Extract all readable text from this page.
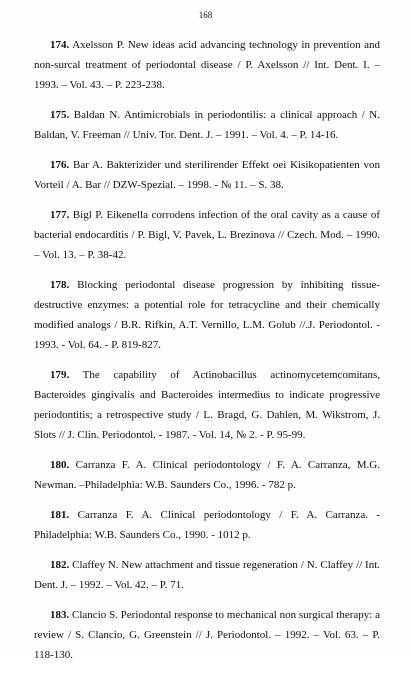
168

174. Axelsson P. New ideas acid advancing technology in prevention and non-surcal treatment of periodontal disease / P. Axelsson // Int. Dent. I. – 1993. – Vol. 43. – P. 223-238.

175. Baldan N. Antimicrobials in periodontilis: a clinical approach / N. Baldan, V. Freeman // Univ. Tor. Dent. J. – 1991. – Vol. 4. – P. 14-16.

176. Bar A. Bakterizider und sterilirender Effekt oei Kisikopatienten von Vorteil / A. Bar // DZW-Spezial. – 1998. - № 11. – S. 38.

177. Bigl P. Eikenella corrodens infection of the oral cavity as a cause of bacterial endocarditis / P. Bigl, V. Pavek, L. Brezinova // Czech. Mod. – 1990. – Vol. 13. – P. 38-42.

178. Blocking periodontal disease progression by inhibiting tissue-destructive enzymes: a potential role for tetracycline and their chemically modified analogs / B.R. Rifkin, A.T. Vernillo, L.M. Golub //.J. Periodontol. - 1993. - Vol. 64. - P. 819-827.

179. The capability of Actinobacillus actinomycetemcomitans, Bacteroides gingivalis and Bacteroides intermedius to indicate progressive periodontitis; a retrospective study / L. Bragd, G. Dahlen, M. Wikstrom, J. Slots // J. Clin. Periodontol. - 1987. - Vol. 14, № 2. - P. 95-99.

180. Carranza F. A. Clinical periodontology / F. A. Carranza, M.G. Newman. –Philadelphia: W.B. Saunders Co., 1996. - 782 p.

181. Carranza F. A. Clinical periodontology / F. A. Carranza. - Philadelphia: W.B. Saunders Co., 1990. - 1012 p.

182. Claffey N. New attachment and tissue regeneration / N. Claffey // Int. Dent. J. – 1992. – Vol. 42. – P. 71.

183. Clancio S. Periodontal response to mechanical non surgical therapy: a review / S. Clancio, G. Greenstein // J. Periodontol. – 1992. – Vol. 63. – P. 118-130.
